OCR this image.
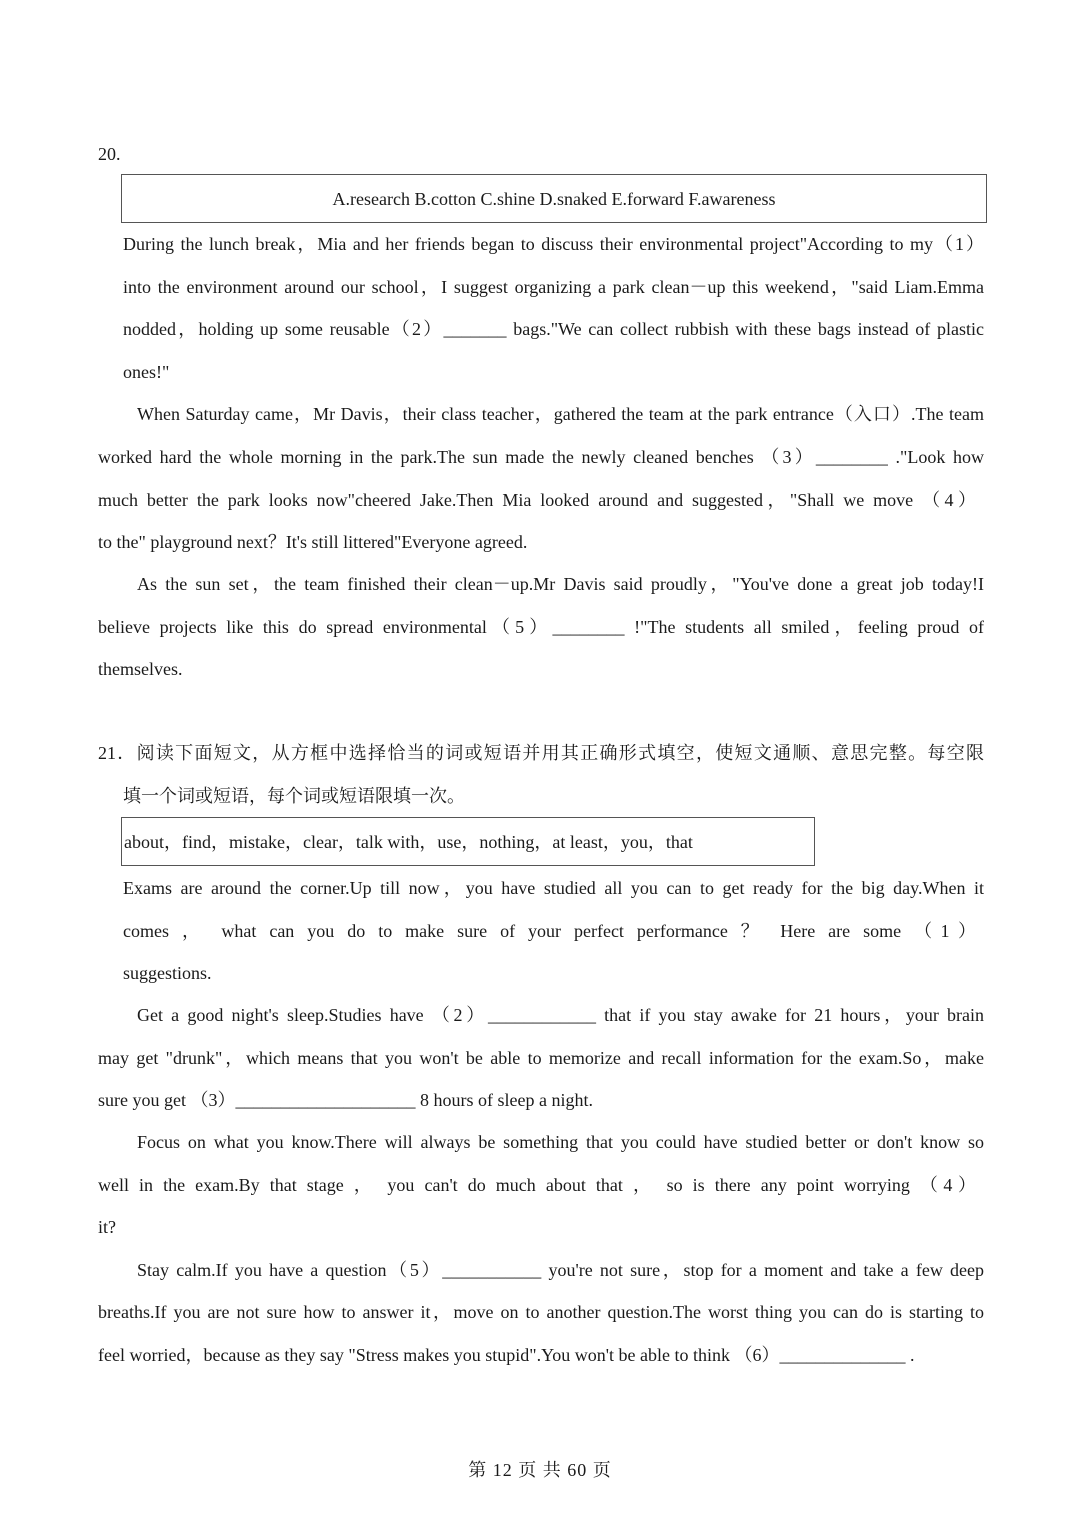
20.
A.research B.cotton C.shine D.snaked E.forward F.awareness
During the lunch break，Mia and her friends began to discuss their environmental project"According to my（1）
into the environment around our school，I suggest organizing a park clean－up this weekend，"said Liam.Emma
nodded，holding up some reusable（2）_______ bags."We can collect rubbish with these bags instead of plastic
ones!"
When Saturday came，Mr Davis，their class teacher，gathered the team at the park entrance（入口）.The team
worked hard the whole morning in the park.The sun made the newly cleaned benches （3）________ ."Look how
much better the park looks now"cheered Jake.Then Mia looked around and suggested，"Shall we move （4）
to the" playground next？It's still littered"Everyone agreed.
As the sun set，the team finished their clean－up.Mr Davis said proudly，"You've done a great job today!I
believe projects like this do spread environmental（5）________ !"The students all smiled，feeling proud of
themselves.
21．阅读下面短文，从方框中选择恰当的词或短语并用其正确形式填空，使短文通顺、意思完整。每空限
填一个词或短语，每个词或短语限填一次。
about，find，mistake，clear，talk with，use，nothing，at least，you，that
Exams are around the corner.Up till now，you have studied all you can to get ready for the big day.When it
comes ， what can you do to make sure of your perfect performance ？ Here are some （1）
suggestions.
Get a good night's sleep.Studies have （2）____________ that if you stay awake for 21 hours，your brain
may get "drunk"，which means that you won't be able to memorize and recall information for the exam.So，make
sure you get （3）____________________ 8 hours of sleep a night.
Focus on what you know.There will always be something that you could have studied better or don't know so
well in the exam.By that stage ， you can't do much about that ， so is there any point worrying （4）
it?
Stay calm.If you have a question（5）___________ you're not sure，stop for a moment and take a few deep
breaths.If you are not sure how to answer it，move on to another question.The worst thing you can do is starting to
feel worried，because as they say "Stress makes you stupid".You won't be able to think （6）______________ .
第 12 页 共 60 页
